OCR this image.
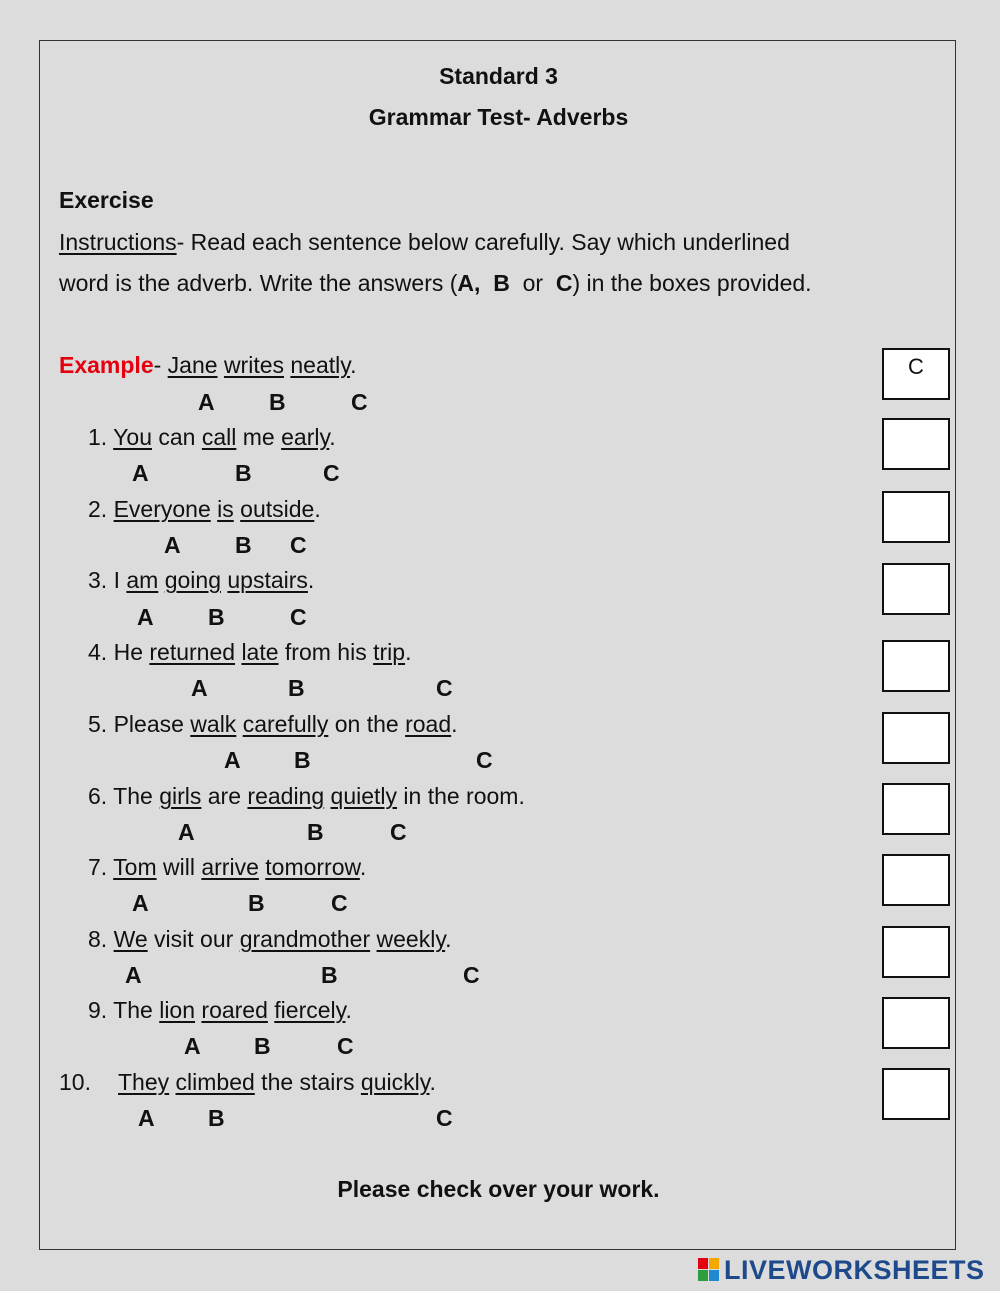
Standard 3
Grammar Test- Adverbs
Exercise
Instructions- Read each sentence below carefully. Say which underlined
word is the adverb. Write the answers (A, B or C) in the boxes provided.
Example- Jane writes neatly.	C
A B	C
1. You can call me early.
A	B	C
2. Everyone is outside.
A B C
3. I am going upstairs.
A B	C
4. He returned late from his trip.
A	B	C
5. Please walk carefully on the road.
A B	C
6. The girls are reading quietly in the room.
A	B	C
7. Tom will arrive tomorrow.
A	B	C
8. We visit our grandmother weekly.
A	B	C
9. The lion roared fiercely.
A B	C
10. They climbed the stairs quickly.
A B	C
Please check over your work.
LIVEWORKSHEETS
